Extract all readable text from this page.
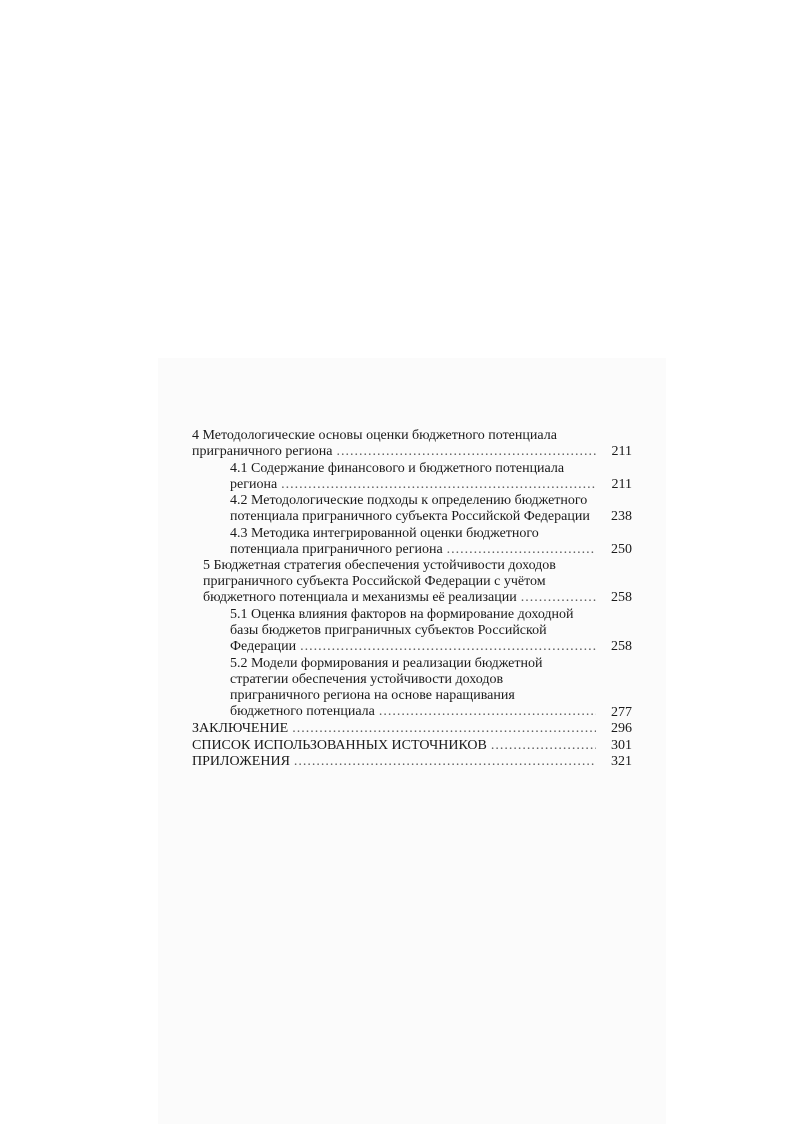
4 Методологические основы оценки бюджетного потенциала
приграничного региона .....	211
4.1 Содержание финансового и бюджетного потенциала
региона .....	211
4.2 Методологические подходы к определению бюджетного
потенциала приграничного субъекта Российской Федерации	238
4.3 Методика интегрированной оценки бюджетного
потенциала приграничного региона .....	250
5 Бюджетная стратегия обеспечения устойчивости доходов
приграничного субъекта Российской Федерации с учётом
бюджетного потенциала и механизмы её реализации .....	258
5.1 Оценка влияния факторов на формирование доходной
базы бюджетов приграничных субъектов Российской
Федерации .....	258
5.2 Модели формирования и реализации бюджетной
стратегии обеспечения устойчивости доходов
приграничного региона на основе наращивания
бюджетного потенциала .....	277
ЗАКЛЮЧЕНИЕ .....	296
СПИСОК ИСПОЛЬЗОВАННЫХ ИСТОЧНИКОВ .....	301
ПРИЛОЖЕНИЯ .....	321
